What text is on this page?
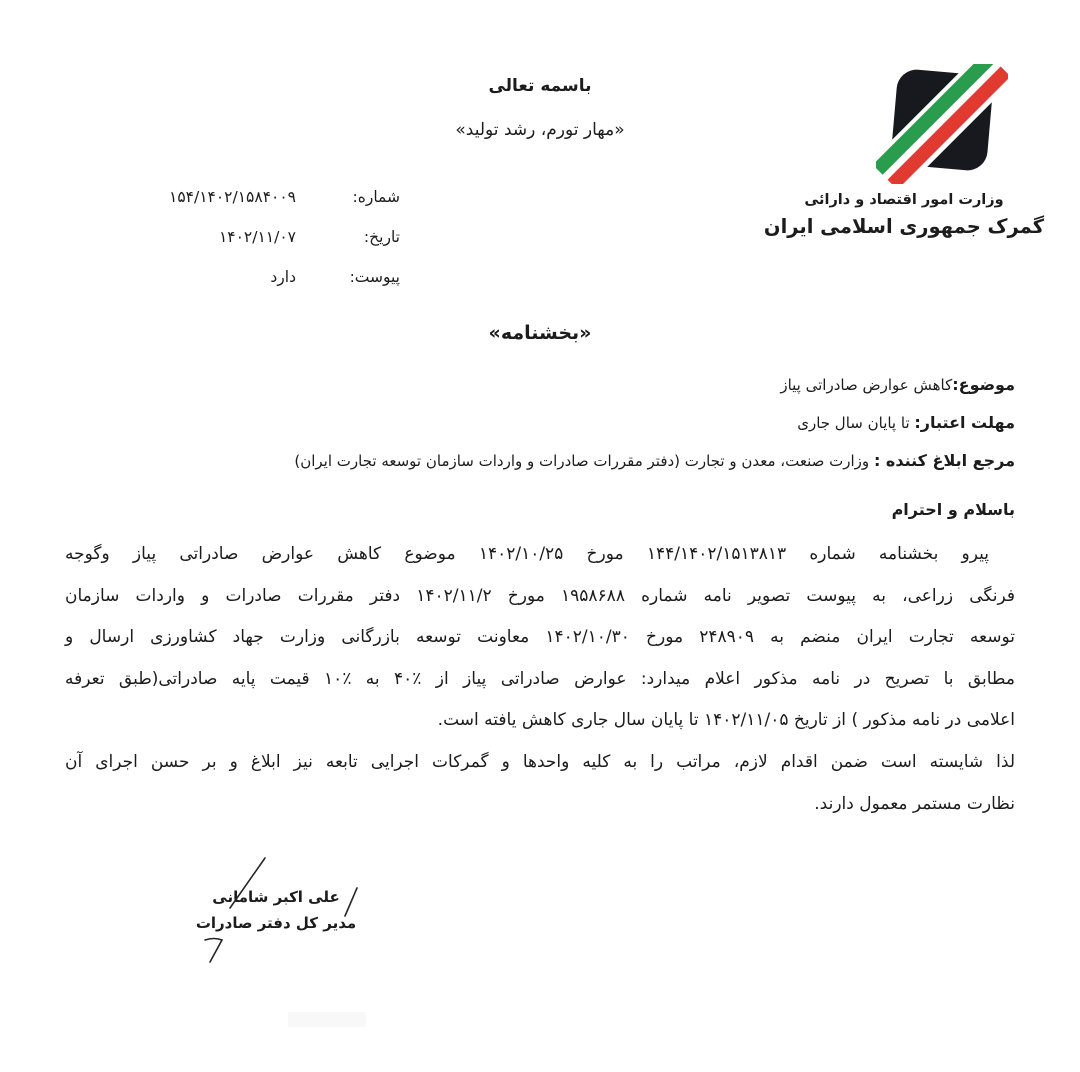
باسمه تعالی
«مهار تورم، رشد تولید»
وزارت امور اقتصاد و دارائی
گمرک جمهوری اسلامی ایران
شماره:
۱۵۴/۱۴۰۲/۱۵۸۴۰۰۹
تاریخ:
۱۴۰۲/۱۱/۰۷
پیوست:
دارد
«بخشنامه»
موضوع:کاهش عوارض صادراتی پیاز
مهلت اعتبار: تا پایان سال جاری
مرجع ابلاغ کننده : وزارت صنعت، معدن و تجارت (دفتر مقررات صادرات و واردات سازمان توسعه تجارت ایران)
باسلام و احترام
پیرو بخشنامه شماره ۱۴۴/۱۴۰۲/۱۵۱۳۸۱۳ مورخ ۱۴۰۲/۱۰/۲۵ موضوع کاهش عوارض صادراتی پیاز وگوجه
فرنگی زراعی، به پیوست تصویر نامه شماره ۱۹۵۸۶۸۸ مورخ ۱۴۰۲/۱۱/۲ دفتر مقررات صادرات و واردات سازمان
توسعه تجارت ایران منضم به ۲۴۸۹۰۹ مورخ ۱۴۰۲/۱۰/۳۰ معاونت توسعه بازرگانی وزارت جهاد کشاورزی ارسال و
مطابق با تصریح در نامه مذکور اعلام میدارد: عوارض صادراتی پیاز از ٪۴۰ به ٪۱۰ قیمت پایه صادراتی(طبق تعرفه
اعلامی در نامه مذکور ) از تاریخ ۱۴۰۲/۱۱/۰۵ تا پایان سال جاری کاهش یافته است.
لذا شایسته است ضمن اقدام لازم، مراتب را به کلیه واحدها و گمرکات اجرایی تابعه نیز ابلاغ و بر حسن اجرای آن
نظارت مستمر معمول دارند.
علی اکبر شامانی
مدیر کل دفتر صادرات
